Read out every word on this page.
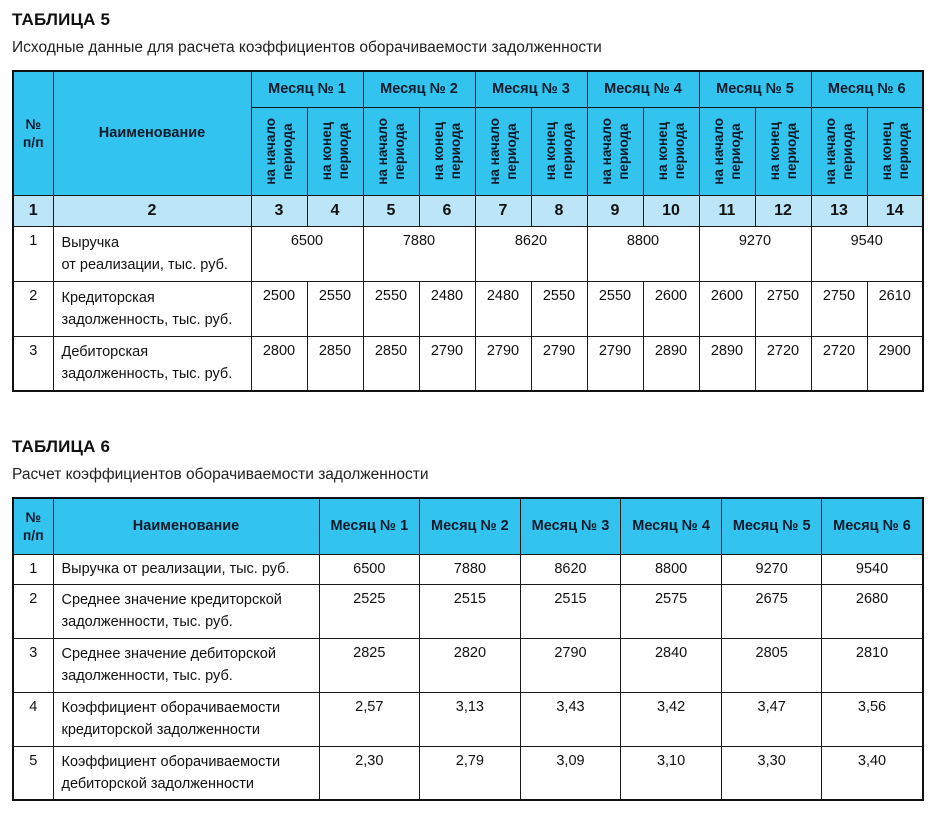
ТАБЛИЦА 5
Исходные данные для расчета коэффициентов оборачиваемости задолженности
№
п/п	Наименование	Месяц № 1		Месяц № 2		Месяц № 3		Месяц № 4		Месяц № 5		Месяц № 6	

		на начало
периода	на конец
периода	на начало
периода	на конец
периода	на начало
периода	на конец
периода	на начало
периода	на конец
периода	на начало
периода	на конец
периода	на начало
периода	на конец
периода

1	2	3	4	5	6	7	8	9	10	11	12	13	14
1	Выручка
от реализации, тыс. руб.	6500		7880		8620		8800		9270		9540	
2	Кредиторская
задолженность, тыс. руб.	2500	2550	2550	2480	2480	2550	2550	2600	2600	2750	2750	2610
3	Дебиторская
задолженность, тыс. руб.	2800	2850	2850	2790	2790	2790	2790	2890	2890	2720	2720	2900
ТАБЛИЦА 6
Расчет коэффициентов оборачиваемости задолженности
№
п/п	Наименование	Месяц № 1	Месяц № 2	Месяц № 3	Месяц № 4	Месяц № 5	Месяц № 6
1	Выручка от реализации, тыс. руб.	6500	7880	8620	8800	9270	9540
2	Среднее значение кредиторской
задолженности, тыс. руб.	2525	2515	2515	2575	2675	2680
3	Среднее значение дебиторской
задолженности, тыс. руб.	2825	2820	2790	2840	2805	2810
4	Коэффициент оборачиваемости
кредиторской задолженности	2,57	3,13	3,43	3,42	3,47	3,56
5	Коэффициент оборачиваемости
дебиторской задолженности	2,30	2,79	3,09	3,10	3,30	3,40
